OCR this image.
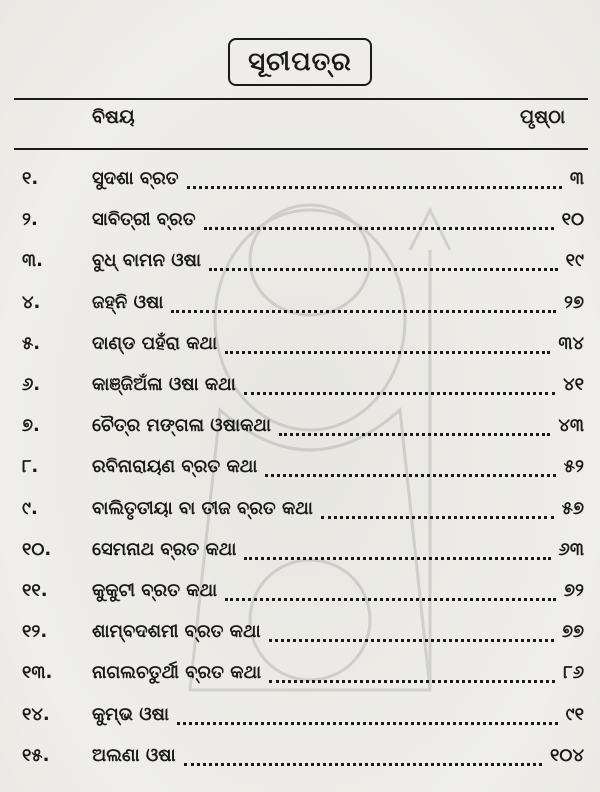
ସୂଚୀପତ୍ର
ବିଷୟ	ପୃଷ୍ଠା
୧.	ସୁଦଶା ବ୍ରତ	୩
୨.	ସାବିତ୍ରୀ ବ୍ରତ	୧୦
୩.	ବୁଧ୍ ବାମନ ଓଷା	୧୯
୪.	ଜହ୍ନି ଓଷା	୨୭
୫.	ଦାଣ୍ଡ ପହଁରା କଥା	୩୪
୬.	କାଞ୍ଜିଅଁଳା ଓଷା କଥା	୪୧
୭.	ଚୈତ୍ର ମଙ୍ଗଳା ଓଷାକଥା	୪୩
୮.	ରବିନାରାୟଣ ବ୍ରତ କଥା	୫୨
୯.	ବାଲିତୃତୀୟା ବା ତୀଜ ବ୍ରତ କଥା	୫୭
୧୦. ସେମନାଥ ବ୍ରତ କଥା	୬୩
୧୧. କୁକୁଟୀ ବ୍ରତ କଥା	୭୨
୧୨. ଶାମ୍ବଦଶମୀ ବ୍ରତ କଥା	୭୭
୧୩. ନାଗଲଚତୁର୍ଥୀ ବ୍ରତ କଥା	୮୬
୧୪. କୁମ୍ଭ ଓଷା	୯୧
୧୫. ଅଲଣା ଓଷା	୧୦୪
